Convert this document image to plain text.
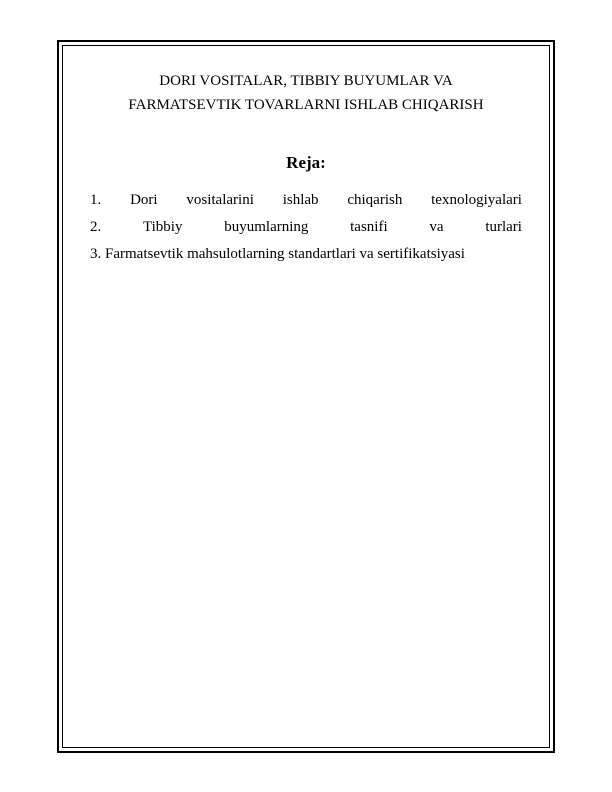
DORI VOSITALAR, TIBBIY BUYUMLAR VA

FARMATSEVTIK TOVARLARNI ISHLAB CHIQARISH

Reja:
1. Dori vositalarini ishlab chiqarish texnologiyalari
2.	Tibbiy	buyumlarning	tasnifi	va	turlari
3. Farmatsevtik mahsulotlarning standartlari va sertifikatsiyasi
